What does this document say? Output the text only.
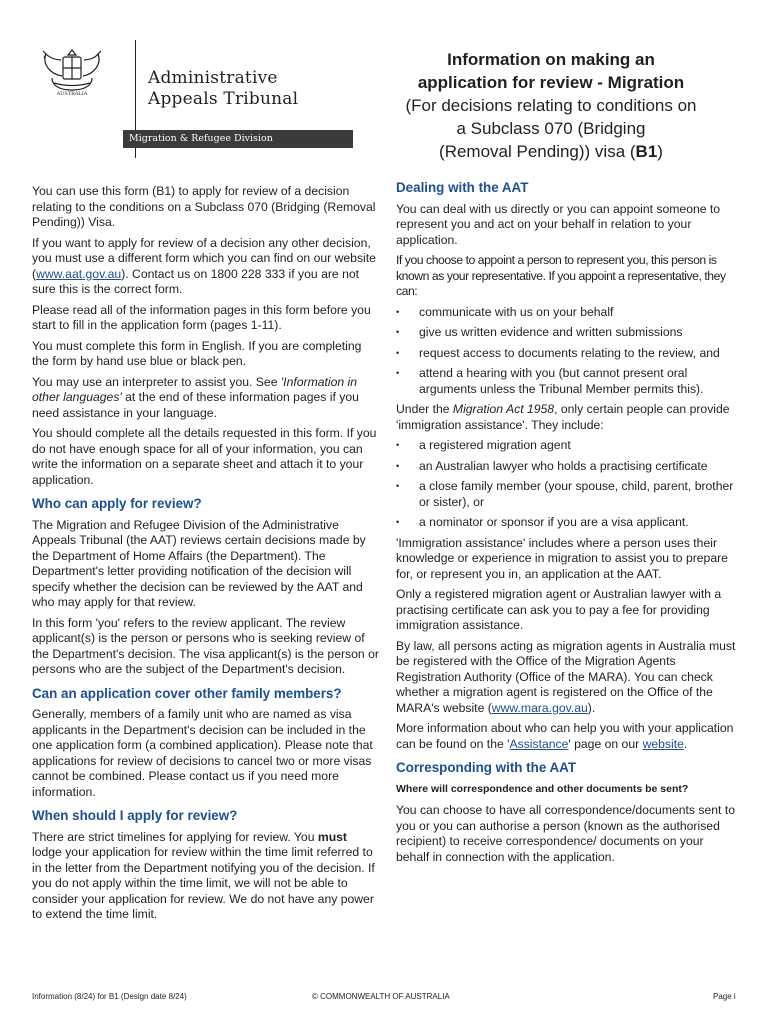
AUSTRALIA
Administrative
Appeals Tribunal
Migration & Refugee Division
Information on making an
application for review - Migration
(For decisions relating to conditions on
a Subclass 070 (Bridging
(Removal Pending)) visa (B1)

You can use this form (B1) to apply for review of a decision relating to the conditions on a Subclass 070 (Bridging (Removal Pending)) Visa.

If you want to apply for review of a decision any other decision, you must use a different form which you can find on our website (www.aat.gov.au). Contact us on 1800 228 333 if you are not sure this is the correct form.

Please read all of the information pages in this form before you start to fill in the application form (pages 1-11).

You must complete this form in English. If you are completing the form by hand use blue or black pen.

You may use an interpreter to assist you. See 'Information in other languages' at the end of these information pages if you need assistance in your language.

You should complete all the details requested in this form. If you do not have enough space for all of your information, you can write the information on a separate sheet and attach it to your application.

Who can apply for review?

The Migration and Refugee Division of the Administrative Appeals Tribunal (the AAT) reviews certain decisions made by the Department of Home Affairs (the Department). The Department's letter providing notification of the decision will specify whether the decision can be reviewed by the AAT and who may apply for that review.

In this form 'you' refers to the review applicant. The review applicant(s) is the person or persons who is seeking review of the Department's decision. The visa applicant(s) is the person or persons who are the subject of the Department's decision.

Can an application cover other family members?

Generally, members of a family unit who are named as visa applicants in the Department's decision can be included in the one application form (a combined application). Please note that applications for review of decisions to cancel two or more visas cannot be combined. Please contact us if you need more information.

When should I apply for review?

There are strict timelines for applying for review. You must lodge your application for review within the time limit referred to in the letter from the Department notifying you of the decision. If you do not apply within the time limit, we will not be able to consider your application for review. We do not have any power to extend the time limit.

Dealing with the AAT

You can deal with us directly or you can appoint someone to represent you and act on your behalf in relation to your application.

If you choose to appoint a person to represent you, this person is known as your representative. If you appoint a representative, they can:

• communicate with us on your behalf
• give us written evidence and written submissions
• request access to documents relating to the review, and
• attend a hearing with you (but cannot present oral arguments unless the Tribunal Member permits this).

Under the Migration Act 1958, only certain people can provide 'immigration assistance'. They include:

• a registered migration agent
• an Australian lawyer who holds a practising certificate
• a close family member (your spouse, child, parent, brother or sister), or
• a nominator or sponsor if you are a visa applicant.

'Immigration assistance' includes where a person uses their knowledge or experience in migration to assist you to prepare for, or represent you in, an application at the AAT.

Only a registered migration agent or Australian lawyer with a practising certificate can ask you to pay a fee for providing immigration assistance.

By law, all persons acting as migration agents in Australia must be registered with the Office of the Migration Agents Registration Authority (Office of the MARA). You can check whether a migration agent is registered on the Office of the MARA's website (www.mara.gov.au).

More information about who can help you with your application can be found on the 'Assistance' page on our website.

Corresponding with the AAT
Where will correspondence and other documents be sent?

You can choose to have all correspondence/documents sent to you or you can authorise a person (known as the authorised recipient) to receive correspondence/ documents on your behalf in connection with the application.

Information (8/24) for B1 (Design date 8/24)	© COMMONWEALTH OF AUSTRALIA	Page i
